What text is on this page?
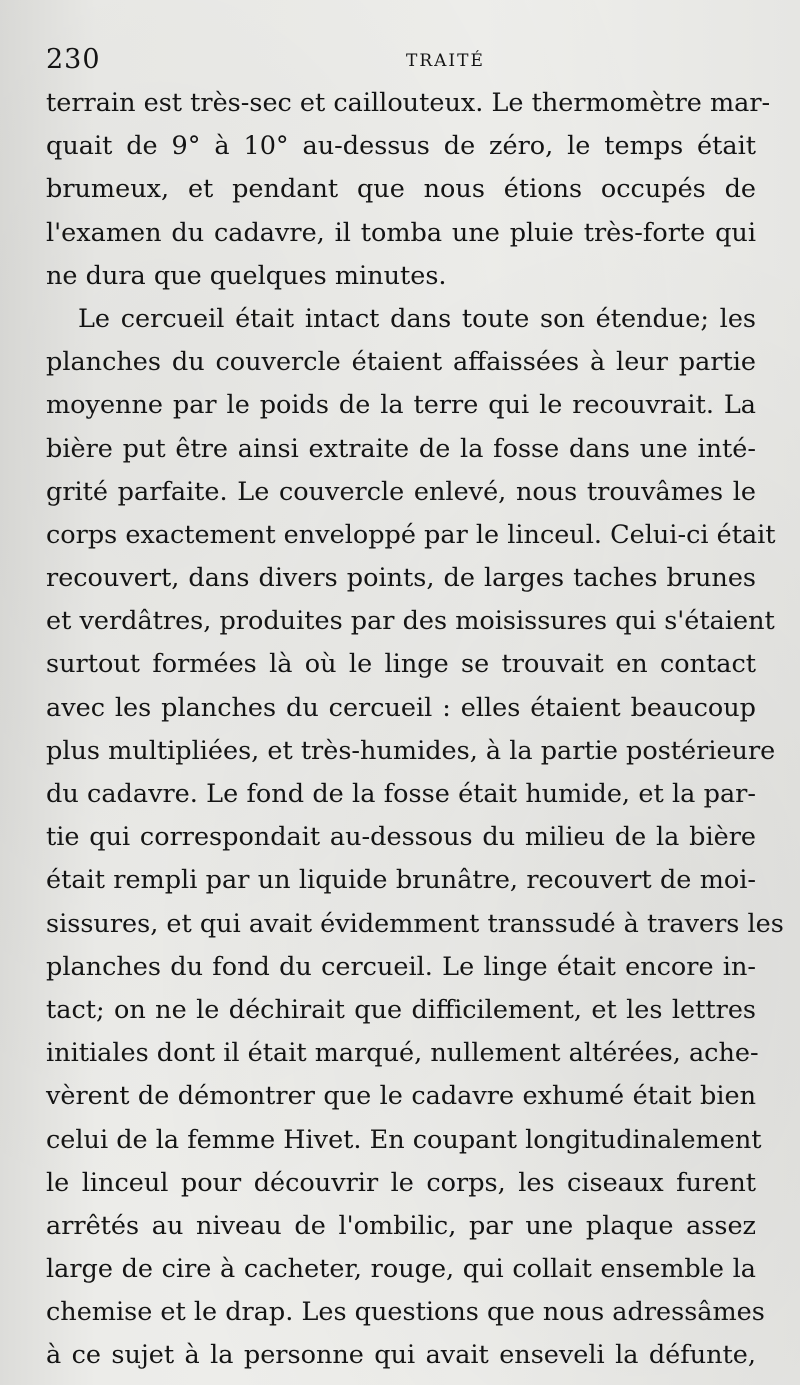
230	TRAITÉ
terrain est très-sec et caillouteux. Le thermomètre mar-
quait de 9° à 10° au-dessus de zéro, le temps était
brumeux, et pendant que nous étions occupés de
l'examen du cadavre, il tomba une pluie très-forte qui
ne dura que quelques minutes.
Le cercueil était intact dans toute son étendue; les
planches du couvercle étaient affaissées à leur partie
moyenne par le poids de la terre qui le recouvrait. La
bière put être ainsi extraite de la fosse dans une inté-
grité parfaite. Le couvercle enlevé, nous trouvâmes le
corps exactement enveloppé par le linceul. Celui-ci était
recouvert, dans divers points, de larges taches brunes
et verdâtres, produites par des moisissures qui s'étaient
surtout formées là où le linge se trouvait en contact
avec les planches du cercueil : elles étaient beaucoup
plus multipliées, et très-humides, à la partie postérieure
du cadavre. Le fond de la fosse était humide, et la par-
tie qui correspondait au-dessous du milieu de la bière
était rempli par un liquide brunâtre, recouvert de moi-
sissures, et qui avait évidemment transsudé à travers les
planches du fond du cercueil. Le linge était encore in-
tact; on ne le déchirait que difficilement, et les lettres
initiales dont il était marqué, nullement altérées, ache-
vèrent de démontrer que le cadavre exhumé était bien
celui de la femme Hivet. En coupant longitudinalement
le linceul pour découvrir le corps, les ciseaux furent
arrêtés au niveau de l'ombilic, par une plaque assez
large de cire à cacheter, rouge, qui collait ensemble la
chemise et le drap. Les questions que nous adressâmes
à ce sujet à la personne qui avait enseveli la défunte,
